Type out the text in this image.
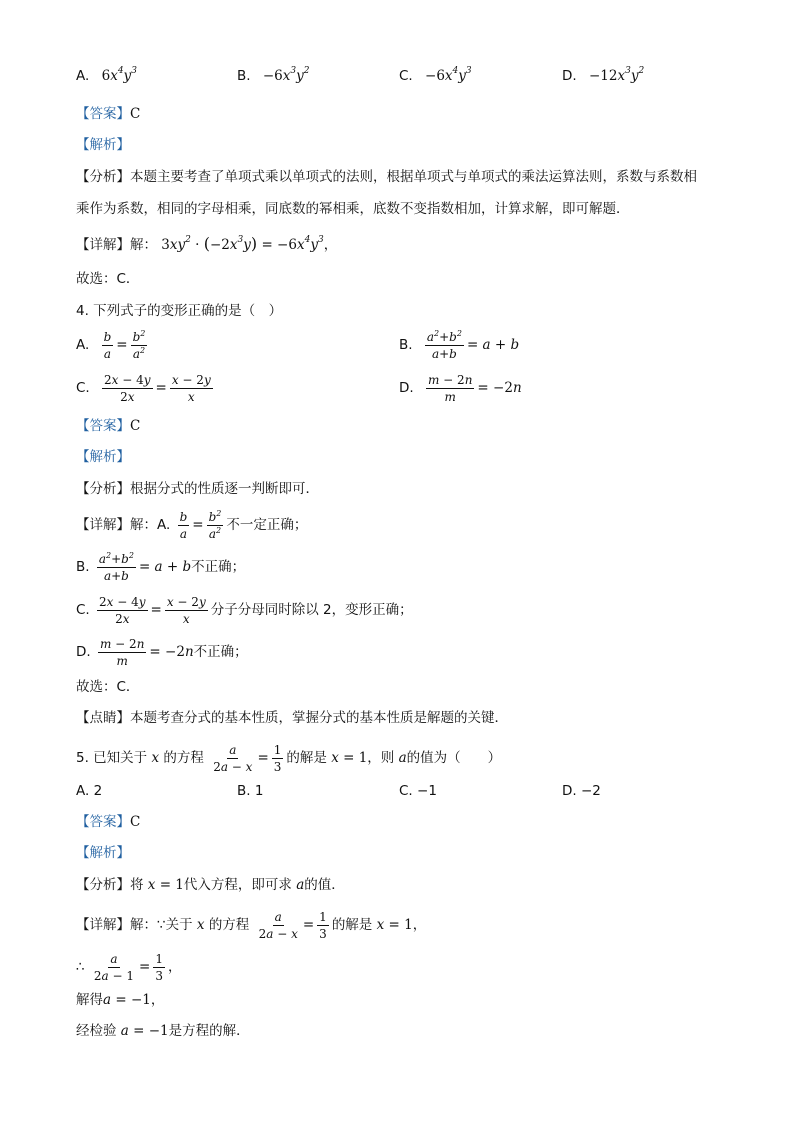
A. $6x^4y^3$	B. $-6x^3y^2$	C. $-6x^4y^3$	D. $-12x^3y^2$
【答案】C
【解析】
【分析】本题主要考查了单项式乘以单项式的法则，根据单项式与单项式的乘法运算法则，系数与系数相
乘作为系数，相同的字母相乘，同底数的幂相乘，底数不变指数相加，计算求解，即可解题．
【详解】解： $3xy^2 \cdot (-2x^3y) = -6x^4y^3$，
故选：C．
4. 下列式子的变形正确的是（　）
A. $\frac{b}{a} = \frac{b^2}{a^2}$	B. $\frac{a^2+b^2}{a+b} = a + b$
C. $\frac{2x - 4y}{2x} = \frac{x - 2y}{x}$	D. $\frac{m - 2n}{m} = -2n$
【答案】C
【解析】
【分析】根据分式的性质逐一判断即可．
【详解】解：A. $\frac{b}{a} = \frac{b^2}{a^2}$ 不一定正确；
B. $\frac{a^2+b^2}{a+b} = a + b$不正确；
C. $\frac{2x - 4y}{2x} = \frac{x - 2y}{x}$ 分子分母同时除以 2，变形正确；
D. $\frac{m - 2n}{m} = -2n$不正确；
故选：C．
【点睛】本题考查分式的基本性质，掌握分式的基本性质是解题的关键．
5. 已知关于 x 的方程 $\frac{a}{2a - x} = \frac{1}{3}$ 的解是 x = 1，则 a的值为（　　）
A. 2	B. 1	C. −1	D. −2
【答案】C
【解析】
【分析】将 x = 1代入方程，即可求 a的值．
【详解】解：∵关于 x 的方程 $\frac{a}{2a - x} = \frac{1}{3}$ 的解是 x = 1，
∴ $\frac{a}{2a - 1} = \frac{1}{3}$ ，
解得a = −1，
经检验 a = −1是方程的解．
